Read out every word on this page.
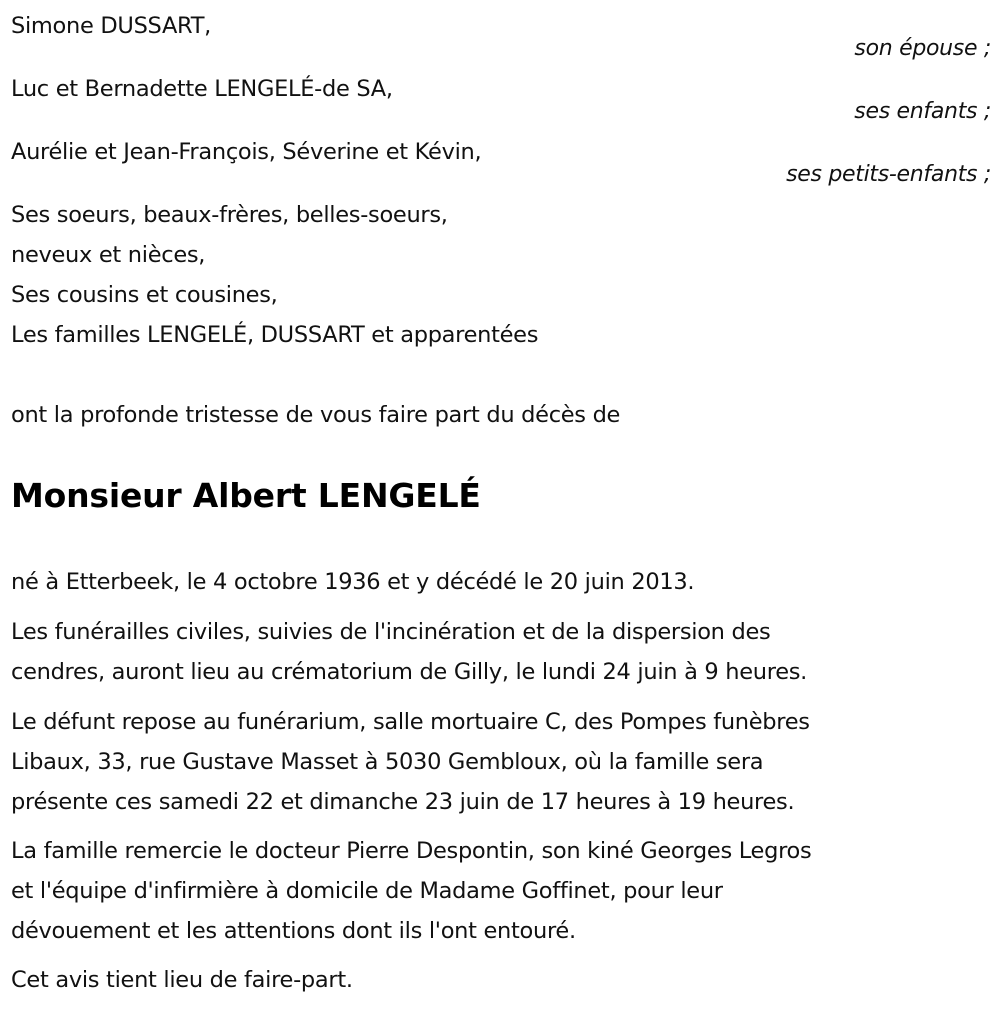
Simone DUSSART,
son épouse ;
Luc et Bernadette LENGELÉ-de SA,
ses enfants ;
Aurélie et Jean-François, Séverine et Kévin,
ses petits-enfants ;
Ses soeurs, beaux-frères, belles-soeurs,
neveux et nièces,
Ses cousins et cousines,
Les familles LENGELÉ, DUSSART et apparentées
ont la profonde tristesse de vous faire part du décès de
Monsieur Albert LENGELÉ
né à Etterbeek, le 4 octobre 1936 et y décédé le 20 juin 2013.
Les funérailles civiles, suivies de l'incinération et de la dispersion des
cendres, auront lieu au crématorium de Gilly, le lundi 24 juin à 9 heures.
Le défunt repose au funérarium, salle mortuaire C, des Pompes funèbres
Libaux, 33, rue Gustave Masset à 5030 Gembloux, où la famille sera
présente ces samedi 22 et dimanche 23 juin de 17 heures à 19 heures.
La famille remercie le docteur Pierre Despontin, son kiné Georges Legros
et l'équipe d'infirmière à domicile de Madame Goffinet, pour leur
dévouement et les attentions dont ils l'ont entouré.
Cet avis tient lieu de faire-part.
